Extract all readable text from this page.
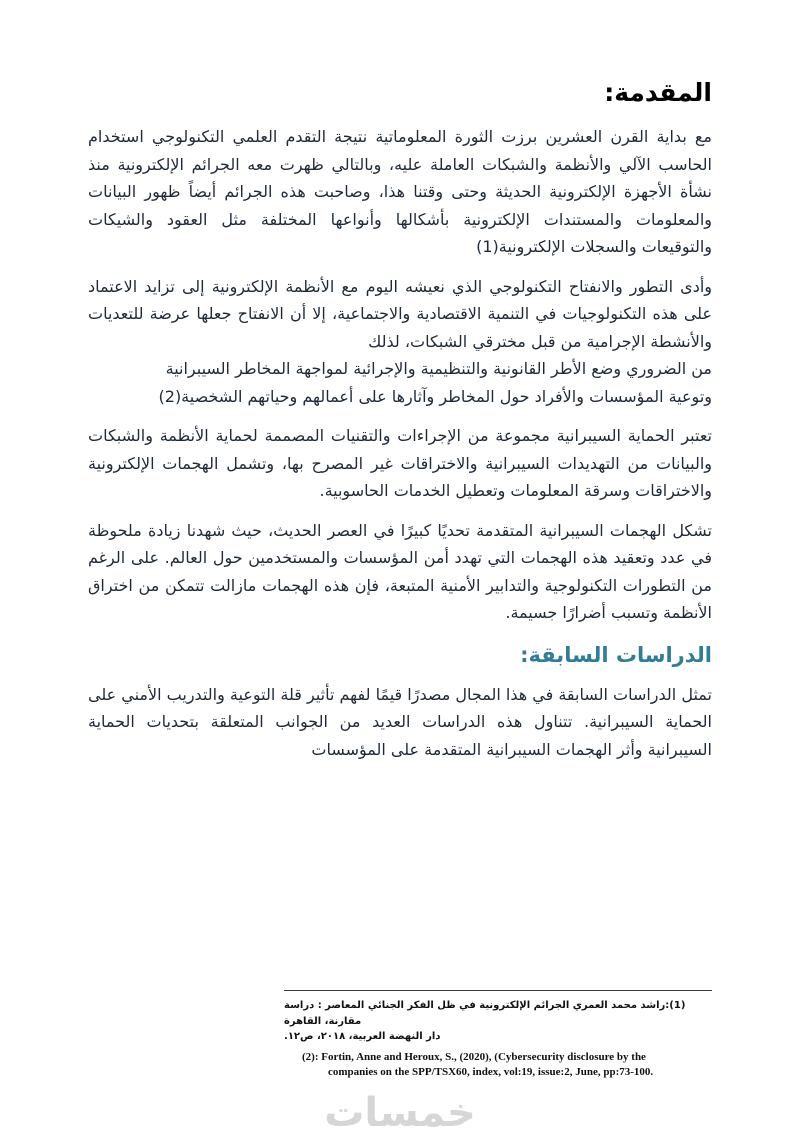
المقدمة:

مع بداية القرن العشرين برزت الثورة المعلوماتية نتيجة التقدم العلمي التكنولوجي استخدام الحاسب الآلي والأنظمة والشبكات العاملة عليه، وبالتالي ظهرت معه الجرائم الإلكترونية منذ نشأة الأجهزة الإلكترونية الحديثة وحتى وقتنا هذا، وصاحبت هذه الجرائم أيضاً ظهور البيانات والمعلومات والمستندات الإلكترونية بأشكالها وأنواعها المختلفة مثل العقود والشيكات والتوقيعات والسجلات الإلكترونية(1)

وأدى التطور والانفتاح التكنولوجي الذي نعيشه اليوم مع الأنظمة الإلكترونية إلى تزايد الاعتماد على هذه التكنولوجيات في التنمية الاقتصادية والاجتماعية، إلا أن الانفتاح جعلها عرضة للتعديات والأنشطة الإجرامية من قبل مخترقي الشبكات، لذلك

من الضروري وضع الأطر القانونية والتنظيمية والإجرائية لمواجهة المخاطر السيبرانية

وتوعية المؤسسات والأفراد حول المخاطر وآثارها على أعمالهم وحياتهم الشخصية(2)

تعتبر الحماية السيبرانية مجموعة من الإجراءات والتقنيات المصممة لحماية الأنظمة والشبكات والبيانات من التهديدات السيبرانية والاختراقات غير المصرح بها، وتشمل الهجمات الإلكترونية والاختراقات وسرقة المعلومات وتعطيل الخدمات الحاسوبية.

تشكل الهجمات السيبرانية المتقدمة تحديًا كبيرًا في العصر الحديث، حيث شهدنا زيادة ملحوظة في عدد وتعقيد هذه الهجمات التي تهدد أمن المؤسسات والمستخدمين حول العالم. على الرغم من التطورات التكنولوجية والتدابير الأمنية المتبعة، فإن هذه الهجمات مازالت تتمكن من اختراق الأنظمة وتسبب أضرارًا جسيمة.

الدراسات السابقة:

تمثل الدراسات السابقة في هذا المجال مصدرًا قيمًا لفهم تأثير قلة التوعية والتدريب الأمني على الحماية السيبرانية. تتناول هذه الدراسات العديد من الجوانب المتعلقة بتحديات الحماية السيبرانية وأثر الهجمات السيبرانية المتقدمة على المؤسسات

(1):راشد محمد العمري الجرائم الإلكترونية في ظل الفكر الجنائي المعاصر : دراسة مقارنة، القاهرة
دار النهضة العربية، ٢٠١٨، ص١٢.
(2): Fortin, Anne and Heroux, S., (2020), (Cybersecurity disclosure by the
companies on the SPP/TSX60, index, vol:19, issue:2, June, pp:73-100.
خمسات
